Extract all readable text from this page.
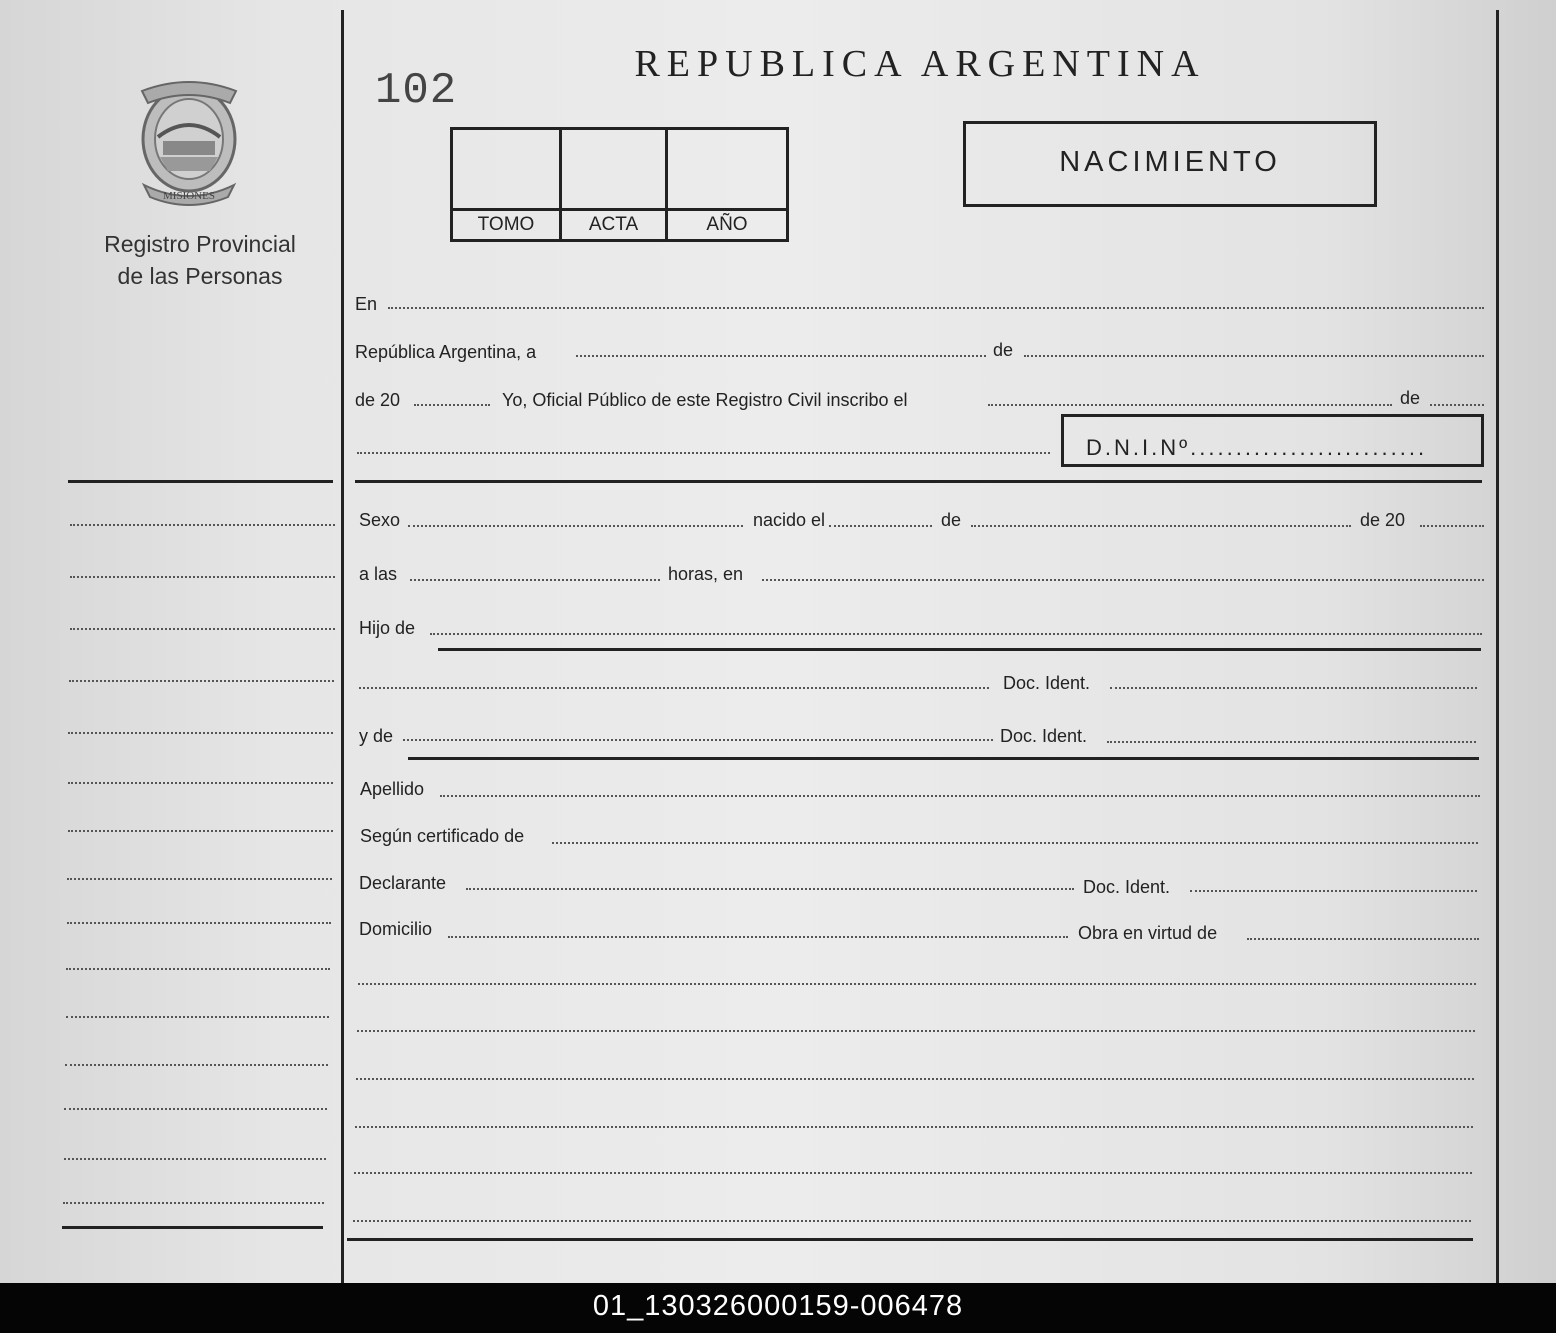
MISIONES
Registro Provincial
de las Personas
102
REPUBLICA ARGENTINA
TOMO	ACTA	AÑO
NACIMIENTO
En
República Argentina, a	de
de 20	Yo, Oficial Público de este Registro Civil inscribo el	de
D.N.I.Nº..........................
Sexo	nacido el	de	de 20
a las	horas, en
Hijo de
Doc. Ident.
y de	Doc. Ident.
Apellido
Según certificado de
Declarante	Doc. Ident.
Domicilio	Obra en virtud de
01_130326000159-006478
